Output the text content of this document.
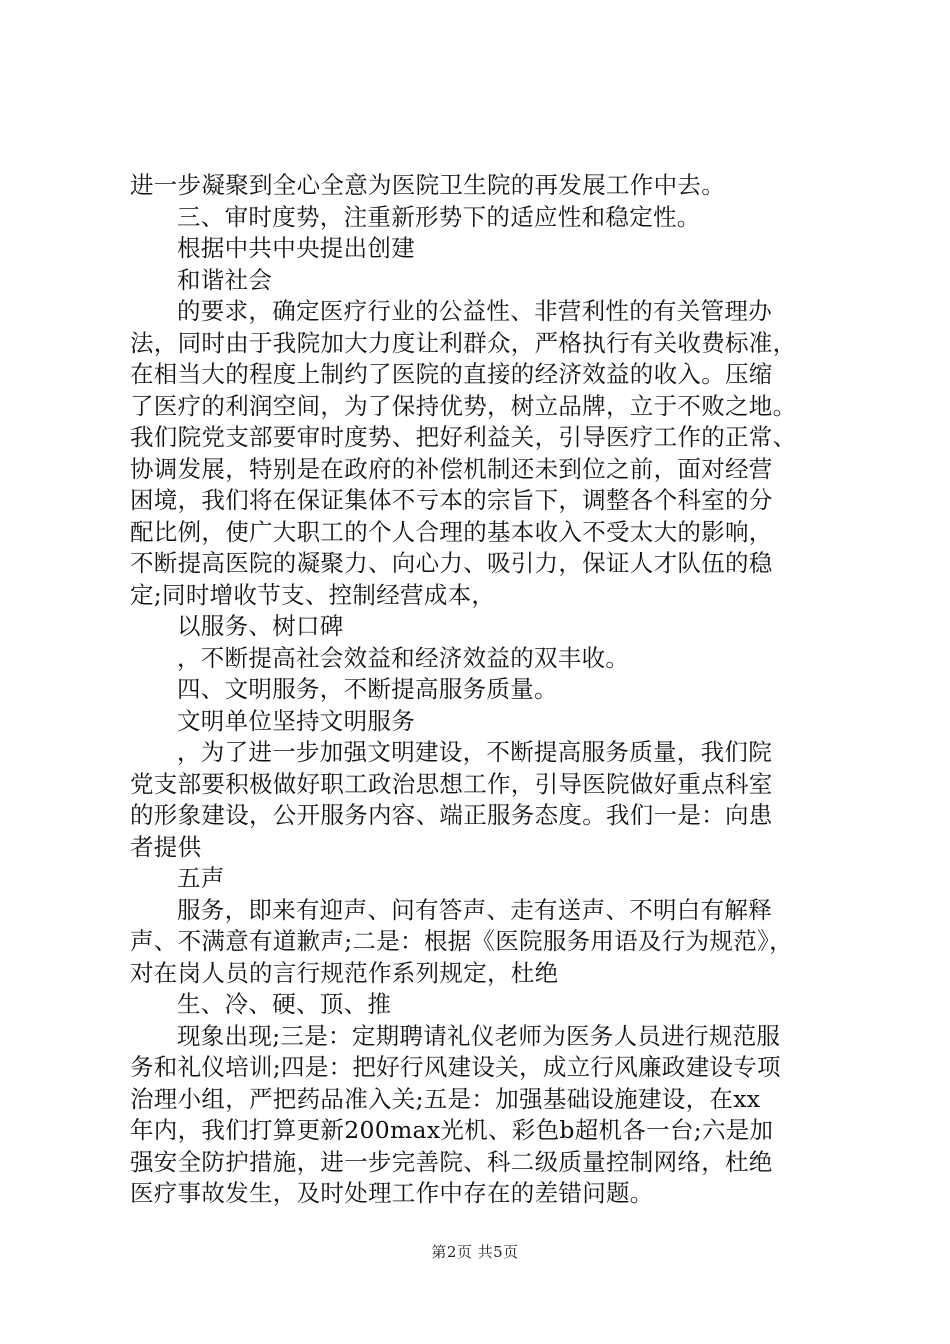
进一步凝聚到全心全意为医院卫生院的再发展工作中去。
三、审时度势，注重新形势下的适应性和稳定性。
根据中共中央提出创建
和谐社会
的要求，确定医疗行业的公益性、非营利性的有关管理办
法，同时由于我院加大力度让利群众，严格执行有关收费标准，
在相当大的程度上制约了医院的直接的经济效益的收入。压缩
了医疗的利润空间，为了保持优势，树立品牌，立于不败之地。
我们院党支部要审时度势、把好利益关，引导医疗工作的正常、
协调发展，特别是在政府的补偿机制还未到位之前，面对经营
困境，我们将在保证集体不亏本的宗旨下，调整各个科室的分
配比例，使广大职工的个人合理的基本收入不受太大的影响，
不断提高医院的凝聚力、向心力、吸引力，保证人才队伍的稳
定;同时增收节支、控制经营成本，
以服务、树口碑
，不断提高社会效益和经济效益的双丰收。
四、文明服务，不断提高服务质量。
文明单位坚持文明服务
，为了进一步加强文明建设，不断提高服务质量，我们院
党支部要积极做好职工政治思想工作，引导医院做好重点科室
的形象建设，公开服务内容、端正服务态度。我们一是：向患
者提供
五声
服务，即来有迎声、问有答声、走有送声、不明白有解释
声、不满意有道歉声;二是：根据《医院服务用语及行为规范》，
对在岗人员的言行规范作系列规定，杜绝
生、冷、硬、顶、推
现象出现;三是：定期聘请礼仪老师为医务人员进行规范服
务和礼仪培训;四是：把好行风建设关，成立行风廉政建设专项
治理小组，严把药品准入关;五是：加强基础设施建设，在xx
年内，我们打算更新200max光机、彩色b超机各一台;六是加
强安全防护措施，进一步完善院、科二级质量控制网络，杜绝
医疗事故发生，及时处理工作中存在的差错问题。
第2页 共5页
